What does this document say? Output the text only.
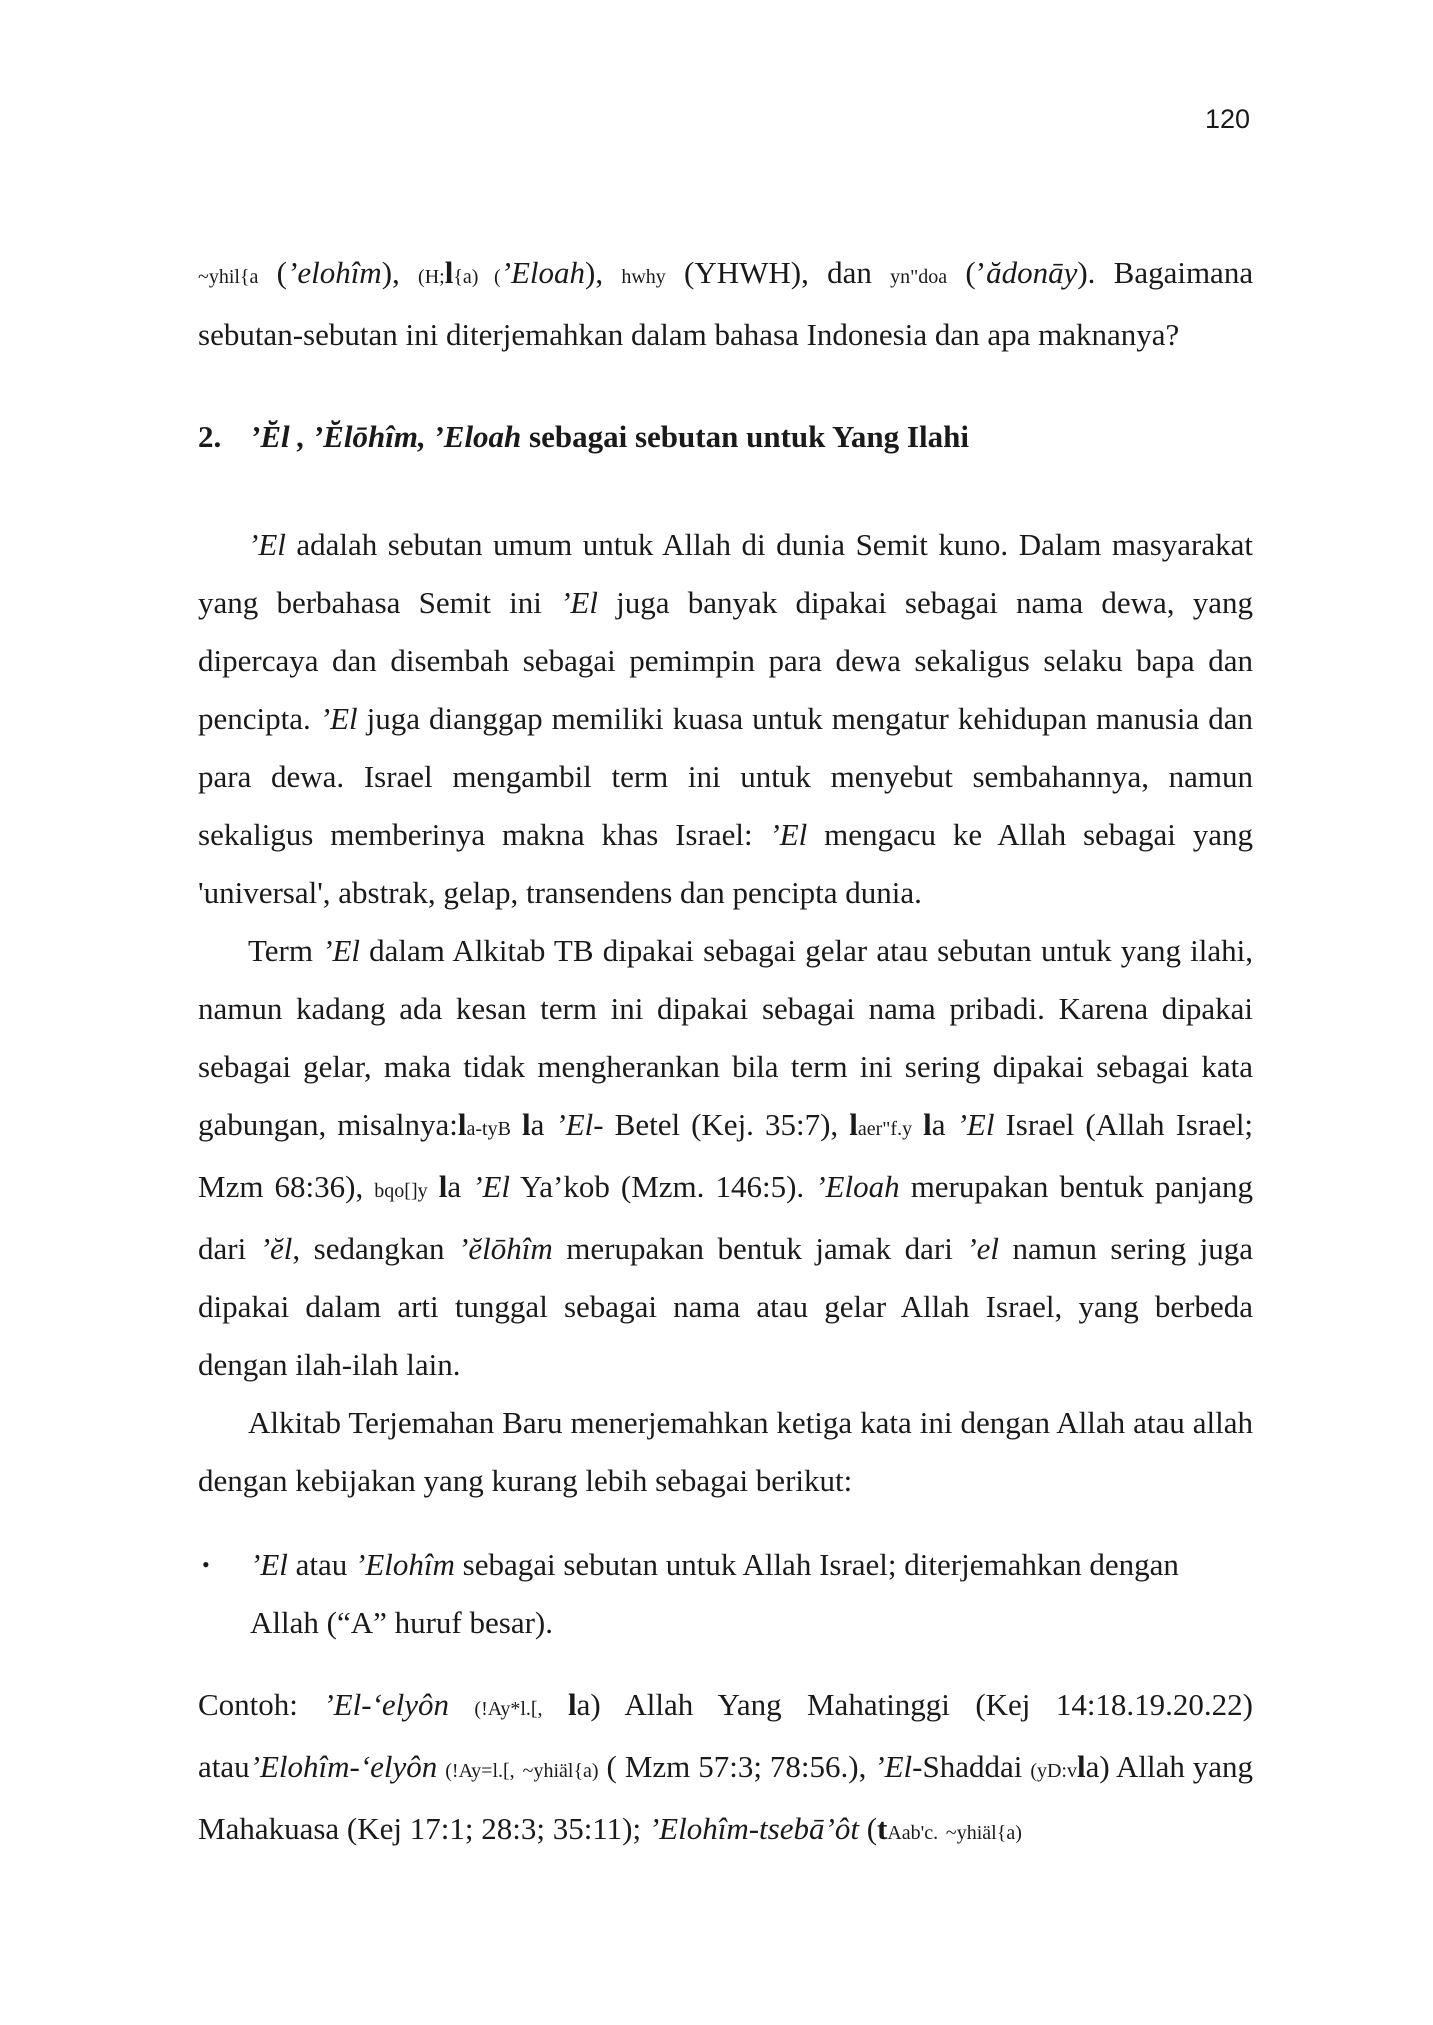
120

~yhil{a (’elohîm), (H;l{a) (’Eloah), hwhy (YHWH), dan yn"doa (’ădonāy). Bagaimana sebutan-sebutan ini diterjemahkan dalam bahasa Indonesia dan apa maknanya?

2. ’Ĕl , ’Ĕlōhîm, ’Eloah sebagai sebutan untuk Yang Ilahi

’El adalah sebutan umum untuk Allah di dunia Semit kuno. Dalam masyarakat yang berbahasa Semit ini ’El juga banyak dipakai sebagai nama dewa, yang dipercaya dan disembah sebagai pemimpin para dewa sekaligus selaku bapa dan pencipta. ’El juga dianggap memiliki kuasa untuk mengatur kehidupan manusia dan para dewa. Israel mengambil term ini untuk menyebut sembahannya, namun sekaligus memberinya makna khas Israel: ’El mengacu ke Allah sebagai yang 'universal', abstrak, gelap, transendens dan pencipta dunia.

Term ’El dalam Alkitab TB dipakai sebagai gelar atau sebutan untuk yang ilahi, namun kadang ada kesan term ini dipakai sebagai nama pribadi. Karena dipakai sebagai gelar, maka tidak mengherankan bila term ini sering dipakai sebagai kata gabungan, misalnya:la-tyB la ’El- Betel (Kej. 35:7), laer"f.y la ’El Israel (Allah Israel; Mzm 68:36), bqo[]y la ’El Ya’kob (Mzm. 146:5). ’Eloah merupakan bentuk panjang dari ’ĕl, sedangkan ’ĕlōhîm merupakan bentuk jamak dari ’el namun sering juga dipakai dalam arti tunggal sebagai nama atau gelar Allah Israel, yang berbeda dengan ilah-ilah lain.

Alkitab Terjemahan Baru menerjemahkan ketiga kata ini dengan Allah atau allah dengan kebijakan yang kurang lebih sebagai berikut:

• ’El atau ’Elohîm sebagai sebutan untuk Allah Israel; diterjemahkan dengan Allah (“A” huruf besar).

Contoh: ’El-‘elyôn (!Ay*l.[, la) Allah Yang Mahatinggi (Kej 14:18.19.20.22) atau’Elohîm-‘elyôn (!Ay=l.[, ~yhiäl{a) ( Mzm 57:3; 78:56.), ’El-Shaddai (yD:vla) Allah yang Mahakuasa (Kej 17:1; 28:3; 35:11); ’Elohîm-tsebā’ôt (tAab'c. ~yhiäl{a)
